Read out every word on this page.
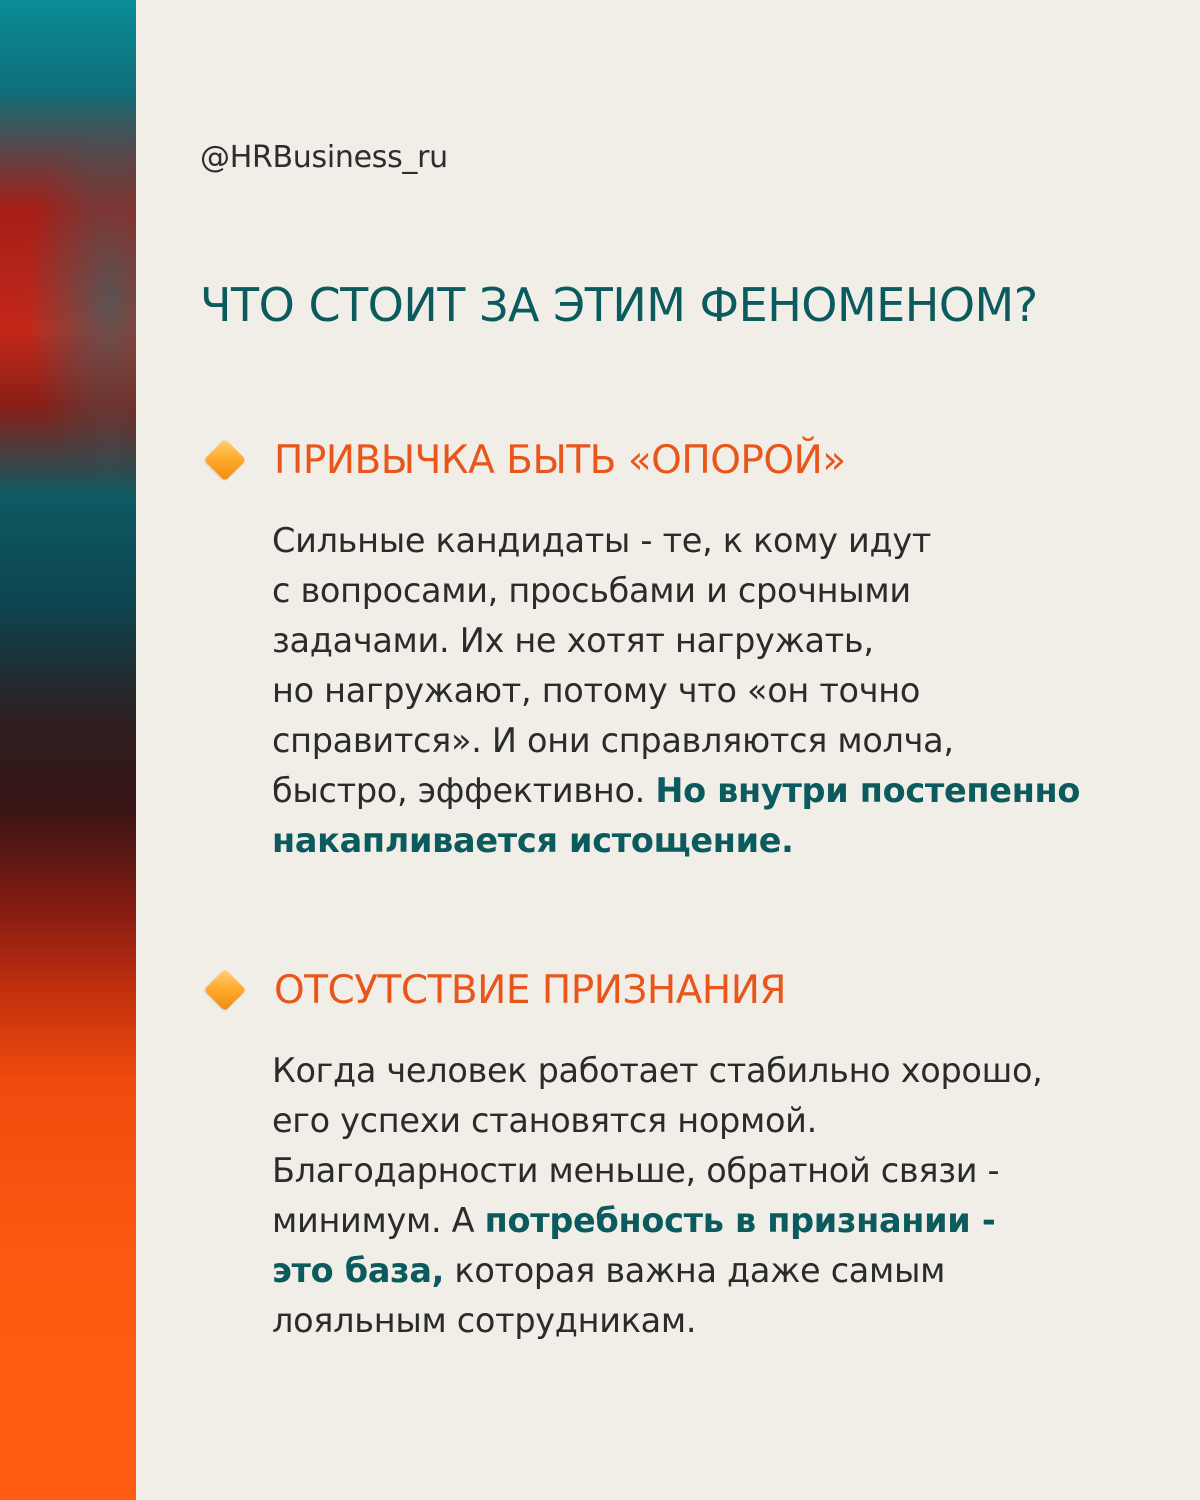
@HRBusiness_ru
ЧТО СТОИТ ЗА ЭТИМ ФЕНОМЕНОМ?
ПРИВЫЧКА БЫТЬ «ОПОРОЙ»
Сильные кандидаты - те, к кому идут
с вопросами, просьбами и срочными
задачами. Их не хотят нагружать,
но нагружают, потому что «он точно
справится». И они справляются молча,
быстро, эффективно. Но внутри постепенно
накапливается истощение.
ОТСУТСТВИЕ ПРИЗНАНИЯ
Когда человек работает стабильно хорошо,
его успехи становятся нормой.
Благодарности меньше, обратной связи -
минимум. А потребность в признании -
это база, которая важна даже самым
лояльным сотрудникам.
